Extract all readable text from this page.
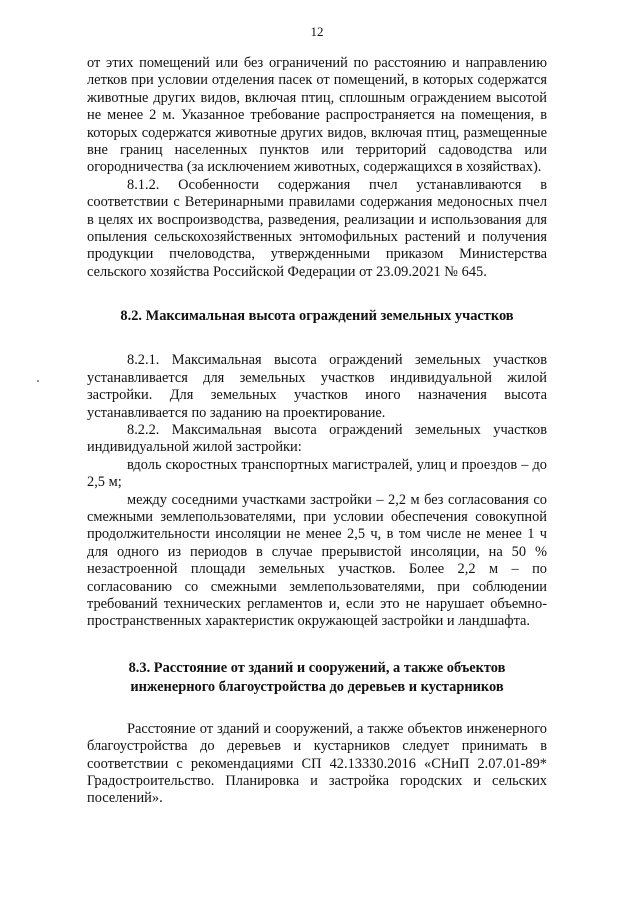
12

от этих помещений или без ограничений по расстоянию и направлению летков при условии отделения пасек от помещений, в которых содержатся животные других видов, включая птиц, сплошным ограждением высотой не менее 2 м. Указанное требование распространяется на помещения, в которых содержатся животные других видов, включая птиц, размещенные вне границ населенных пунктов или территорий садоводства или огородничества (за исключением животных, содержащихся в хозяйствах).

8.1.2. Особенности содержания пчел устанавливаются в соответствии с Ветеринарными правилами содержания медоносных пчел в целях их воспроизводства, разведения, реализации и использования для опыления сельскохозяйственных энтомофильных растений и получения продукции пчеловодства, утвержденными приказом Министерства сельского хозяйства Российской Федерации от 23.09.2021 № 645.

8.2. Максимальная высота ограждений земельных участков

8.2.1. Максимальная высота ограждений земельных участков устанавливается для земельных участков индивидуальной жилой застройки. Для земельных участков иного назначения высота устанавливается по заданию на проектирование.

8.2.2. Максимальная высота ограждений земельных участков индивидуальной жилой застройки:

вдоль скоростных транспортных магистралей, улиц и проездов – до 2,5 м;

между соседними участками застройки – 2,2 м без согласования со смежными землепользователями, при условии обеспечения совокупной продолжительности инсоляции не менее 2,5 ч, в том числе не менее 1 ч для одного из периодов в случае прерывистой инсоляции, на 50 % незастроенной площади земельных участков. Более 2,2 м – по согласованию со смежными землепользователями, при соблюдении требований технических регламентов и, если это не нарушает объемно-пространственных характеристик окружающей застройки и ландшафта.

8.3. Расстояние от зданий и сооружений, а также объектов
инженерного благоустройства до деревьев и кустарников

Расстояние от зданий и сооружений, а также объектов инженерного благоустройства до деревьев и кустарников следует принимать в соответствии с рекомендациями СП 42.13330.2016 «СНиП 2.07.01-89* Градостроительство. Планировка и застройка городских и сельских поселений».
